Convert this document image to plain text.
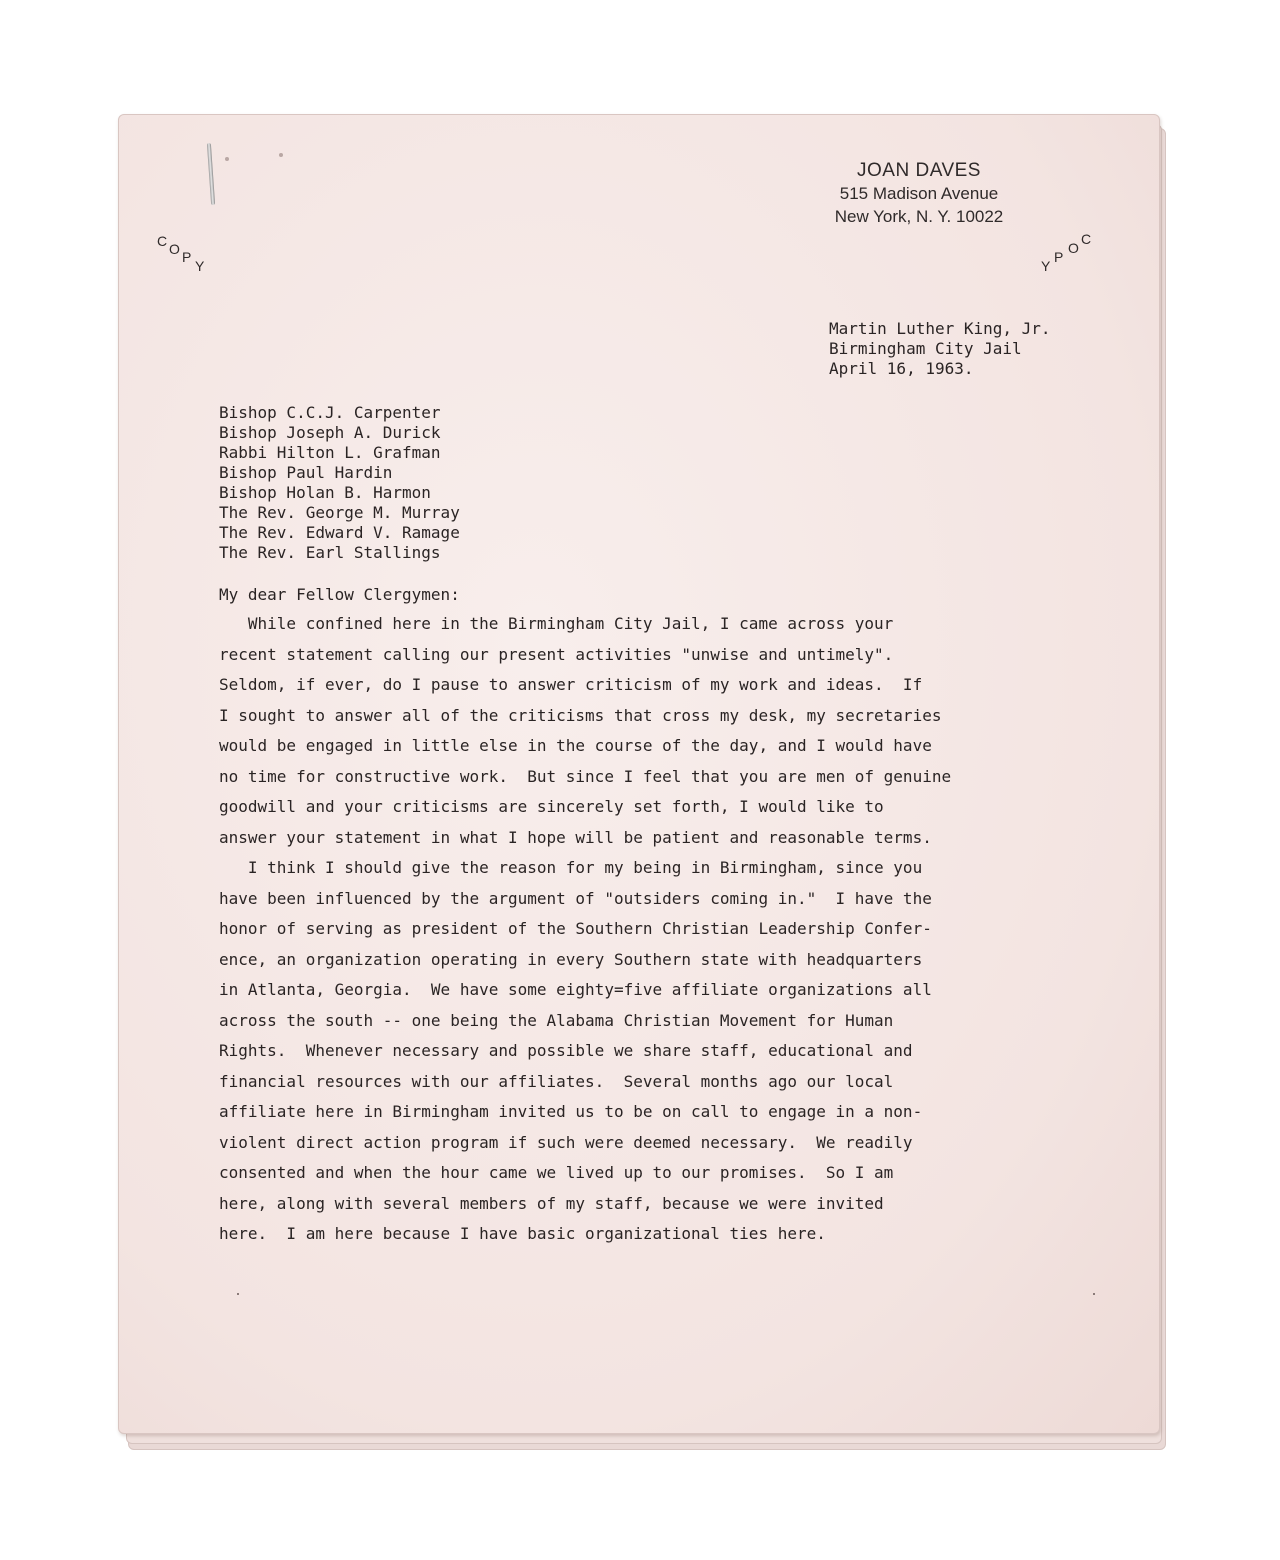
JOAN DAVES
515 Madison Avenue
New York, N. Y. 10022
C O P
Y	Y
P
O
C
Martin Luther King, Jr.
Birmingham City Jail
April 16, 1963.
Bishop C.C.J. Carpenter
Bishop Joseph A. Durick
Rabbi Hilton L. Grafman
Bishop Paul Hardin
Bishop Holan B. Harmon
The Rev. George M. Murray
The Rev. Edward V. Ramage
The Rev. Earl Stallings
My dear Fellow Clergymen:
While confined here in the Birmingham City Jail, I came across your
recent statement calling our present activities "unwise and untimely".
Seldom, if ever, do I pause to answer criticism of my work and ideas.  If
I sought to answer all of the criticisms that cross my desk, my secretaries
would be engaged in little else in the course of the day, and I would have
no time for constructive work.  But since I feel that you are men of genuine
goodwill and your criticisms are sincerely set forth, I would like to
answer your statement in what I hope will be patient and reasonable terms.
I think I should give the reason for my being in Birmingham, since you
have been influenced by the argument of "outsiders coming in."  I have the
honor of serving as president of the Southern Christian Leadership Confer-
ence, an organization operating in every Southern state with headquarters
in Atlanta, Georgia.  We have some eighty=five affiliate organizations all
across the south -- one being the Alabama Christian Movement for Human
Rights.  Whenever necessary and possible we share staff, educational and
financial resources with our affiliates.  Several months ago our local
affiliate here in Birmingham invited us to be on call to engage in a non-
violent direct action program if such were deemed necessary.  We readily
consented and when the hour came we lived up to our promises.  So I am
here, along with several members of my staff, because we were invited
here.  I am here because I have basic organizational ties here.
